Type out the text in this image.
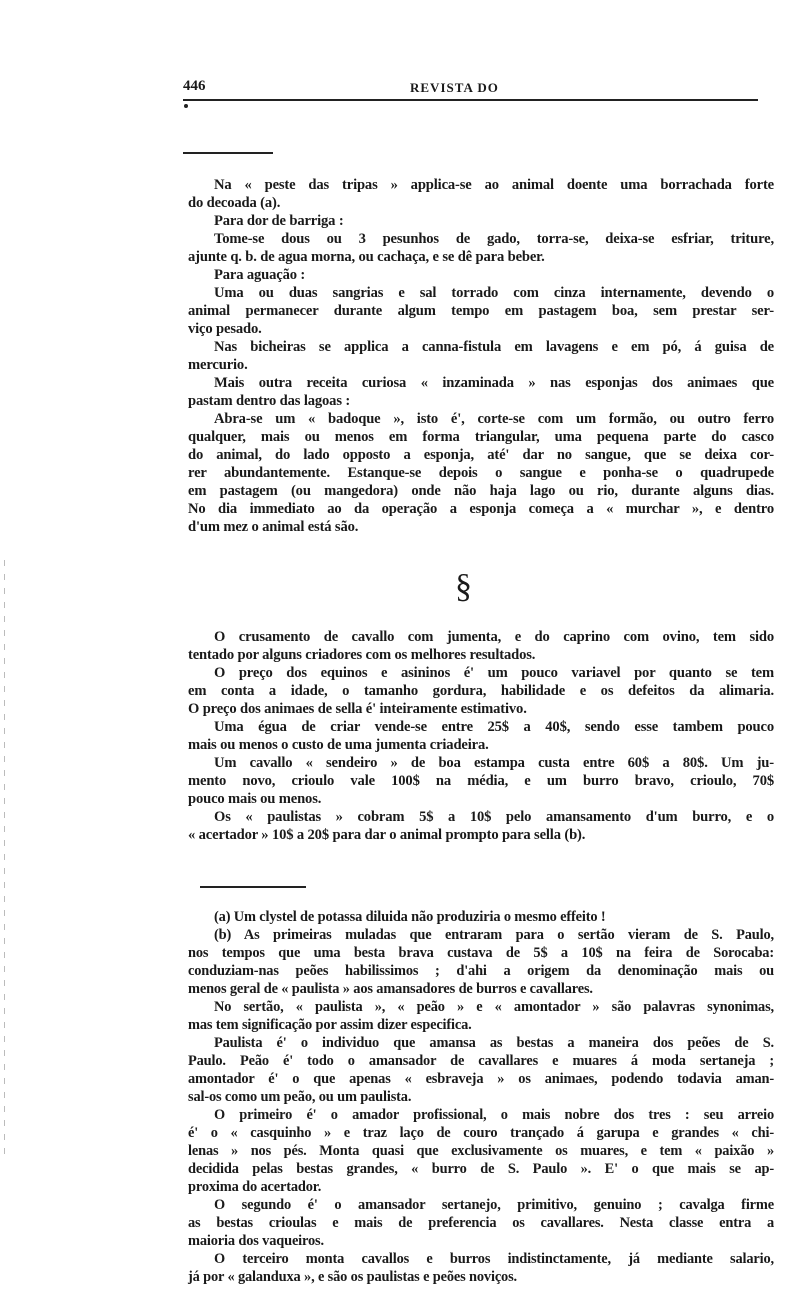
446	REVISTA DO
Na « peste das tripas » applica-se ao animal doente uma borrachada forte
do decoada (a).
Para dor de barriga :
Tome-se dous ou 3 pesunhos de gado, torra-se, deixa-se esfriar, triture,
ajunte q. b. de agua morna, ou cachaça, e se dê para beber.
Para aguação :
Uma ou duas sangrias e sal torrado com cinza internamente, devendo o
animal permanecer durante algum tempo em pastagem boa, sem prestar ser-
viço pesado.
Nas bicheiras se applica a canna-fistula em lavagens e em pó, á guisa de
mercurio.
Mais outra receita curiosa « inzaminada » nas esponjas dos animaes que
pastam dentro das lagoas :
Abra-se um « badoque », isto é', corte-se com um formão, ou outro ferro
qualquer, mais ou menos em forma triangular, uma pequena parte do casco
do animal, do lado opposto a esponja, até' dar no sangue, que se deixa cor-
rer abundantemente. Estanque-se depois o sangue e ponha-se o quadrupede
em pastagem (ou mangedora) onde não haja lago ou rio, durante alguns dias.
No dia immediato ao da operação a esponja começa a « murchar », e dentro
d'um mez o animal está são.
§
O crusamento de cavallo com jumenta, e do caprino com ovino, tem sido
tentado por alguns criadores com os melhores resultados.
O preço dos equinos e asininos é' um pouco variavel por quanto se tem
em conta a idade, o tamanho gordura, habilidade e os defeitos da alimaria.
O preço dos animaes de sella é' inteiramente estimativo.
Uma égua de criar vende-se entre 25$ a 40$, sendo esse tambem pouco
mais ou menos o custo de uma jumenta criadeira.
Um cavallo « sendeiro » de boa estampa custa entre 60$ a 80$. Um ju-
mento novo, crioulo vale 100$ na média, e um burro bravo, crioulo, 70$
pouco mais ou menos.
Os « paulistas » cobram 5$ a 10$ pelo amansamento d'um burro, e o
« acertador » 10$ a 20$ para dar o animal prompto para sella (b).
(a) Um clystel de potassa diluida não produziria o mesmo effeito !
(b) As primeiras muladas que entraram para o sertão vieram de S. Paulo,
nos tempos que uma besta brava custava de 5$ a 10$ na feira de Sorocaba:
conduziam-nas peões habilissimos ; d'ahi a origem da denominação mais ou
menos geral de « paulista » aos amansadores de burros e cavallares.
No sertão, « paulista », « peão » e « amontador » são palavras synonimas,
mas tem significação por assim dizer especifica.
Paulista é' o individuo que amansa as bestas a maneira dos peões de S.
Paulo. Peão é' todo o amansador de cavallares e muares á moda sertaneja ;
amontador é' o que apenas « esbraveja » os animaes, podendo todavia aman-
sal-os como um peão, ou um paulista.
O primeiro é' o amador profissional, o mais nobre dos tres : seu arreio
é' o « casquinho » e traz laço de couro trançado á garupa e grandes « chi-
lenas » nos pés. Monta quasi que exclusivamente os muares, e tem « paixão »
decidida pelas bestas grandes, « burro de S. Paulo ». E' o que mais se ap-
proxima do acertador.
O segundo é' o amansador sertanejo, primitivo, genuino ; cavalga firme
as bestas crioulas e mais de preferencia os cavallares. Nesta classe entra a
maioria dos vaqueiros.
O terceiro monta cavallos e burros indistinctamente, já mediante salario,
já por « galanduxa », e são os paulistas e peões noviços.
